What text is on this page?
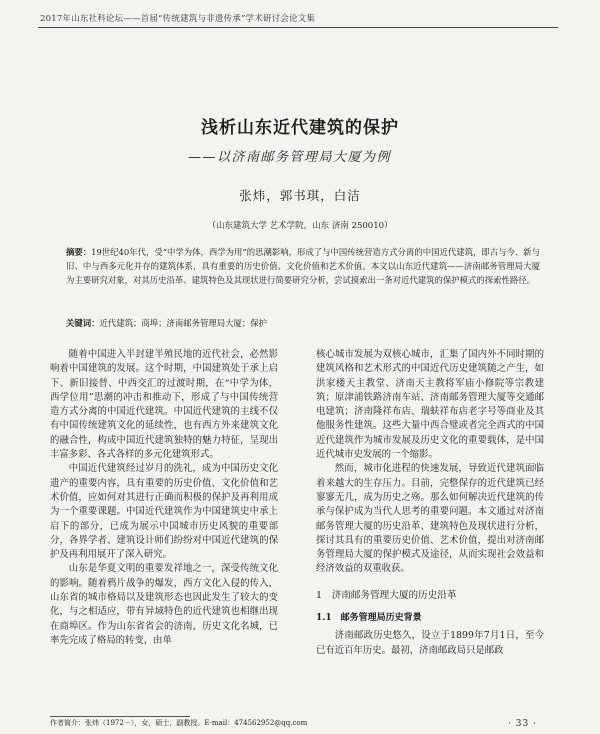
2017年山东社科论坛——首届“传统建筑与非遗传承”学术研讨会论文集
浅析山东近代建筑的保护
——以济南邮务管理局大厦为例
张炜，郭书琪，白洁
（山东建筑大学 艺术学院，山东 济南 250010）
摘要：19世纪40年代，受“中学为体，西学为用”的思潮影响，形成了与中国传统营造方式分离的中国近代建筑，即古与今、新与旧、中与西多元化并存的建筑体系，具有重要的历史价值、文化价值和艺术价值。本文以山东近代建筑——济南邮务管理局大厦为主要研究对象，对其历史沿革、建筑特色及其现状进行简要研究分析，尝试摸索出一条对近代建筑的保护模式的探索性路径。
关键词：近代建筑；商埠；济南邮务管理局大厦；保护

随着中国进入半封建半殖民地的近代社会，必然影响着中国建筑的发展。这个时期，中国建筑处于承上启下、新旧接替、中西交汇的过渡时期，在“中学为体，西学位用”思潮的冲击和推动下，形成了与中国传统营造方式分离的中国近代建筑。中国近代建筑的主线不仅有中国传统建筑文化的延续性，也有西方外来建筑文化的融合性，构成中国近代建筑独特的魅力特征，呈现出丰富多彩、各式各样的多元化建筑形式。

中国近代建筑经过岁月的洗礼，成为中国历史文化遗产的重要内容，具有重要的历史价值、文化价值和艺术价值，应如何对其进行正确而积极的保护及再利用成为一个重要课题。中国近代建筑作为中国建筑史中承上启下的部分，已成为展示中国城市历史风貌的重要部分，各界学者、建筑设计师们纷纷对中国近代建筑的保护及再利用展开了深入研究。

山东是华夏文明的重要发祥地之一，深受传统文化的影响。随着鸦片战争的爆发，西方文化入侵的传入，山东省的城市格局以及建筑形态也因此发生了较大的变化，与之相适应，带有异域特色的近代建筑也相继出现在商埠区。作为山东省省会的济南，历史文化名城，已率先完成了格局的转变，由单

核心城市发展为双核心城市，汇集了国内外不同时期的建筑风格和艺术形式的中国近代历史建筑随之产生，如洪家楼天主教堂、济南天主教将军庙小修院等宗教建筑；原津浦铁路济南车站、济南邮务管理大厦等交通邮电建筑；济南隆祥布店、瑞蚨祥布店老字号等商业及其他服务性建筑。这些大量中西合璧或者完全西式的中国近代建筑作为城市发展及历史文化的重要载体，是中国近代城市史发展的一个缩影。

然而，城市化进程的快速发展，导致近代建筑面临着来越大的生存压力。目前，完整保存的近代建筑已经寥寥无几，成为历史之殇。那么如何解决近代建筑的传承与保护成为当代人思考的重要问题。本文通过对济南邮务管理大厦的历史沿革、建筑特色及现状进行分析，探讨其具有的重要历史价值、艺术价值，提出对济南邮务管理局大厦的保护模式及途径，从而实现社会效益和经济效益的双重收获。

1　济南邮务管理大厦的历史沿革
1.1　邮务管理局历史背景

济南邮政历史悠久，设立于1899年7月1日，至今已有近百年历史。最初，济南邮政局只是邮政

作者简介：张炜（1972－），女，硕士，副教授。E-mail：474562952@qq.com	· 33 ·
